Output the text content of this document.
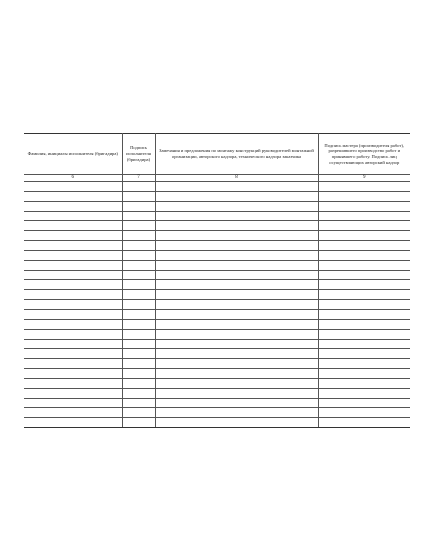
Фамилия, инициалы исполнителя (бригадира)	Подпись исполнителя (бригадира)	Замечания и предложения по монтажу конструкций руководителей монтажной организации, авторского надзора, технического надзора заказчика	Подпись мастера (производителя работ), разрешившего производство работ и принявшего работу. Подпись лиц осуществляющих авторский надзор
6	7	8	9
